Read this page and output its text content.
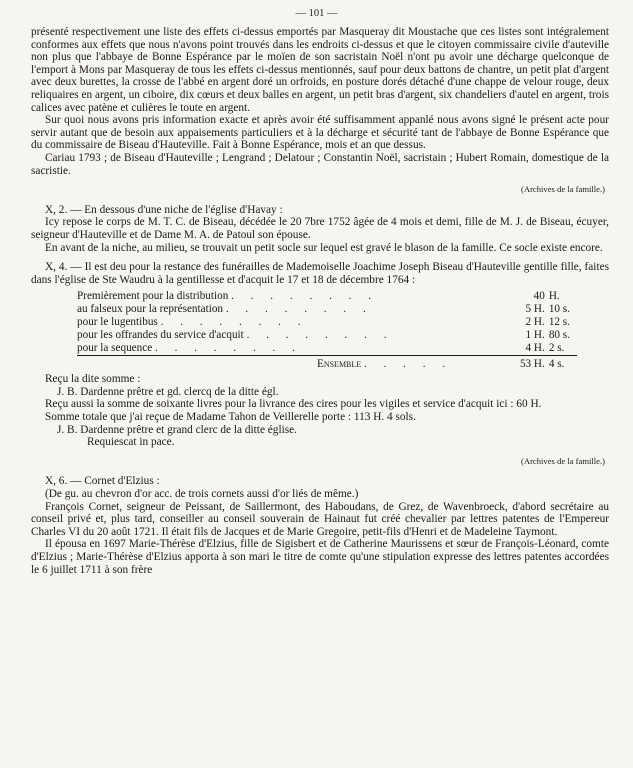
— 101 —

présenté respectivement une liste des effets ci-dessus emportés par Masqueray dit Moustache que ces listes sont intégralement conformes aux effets que nous n'avons point trouvés dans les endroits ci-dessus et que le citoyen commissaire civile d'auteville non plus que l'abbaye de Bonne Espérance par le moïen de son sacristain Noël n'ont pu avoir une décharge quelconque de l'emport à Mons par Masqueray de tous les effets ci-dessus mentionnés, sauf pour deux battons de chantre, un petit plat d'argent avec deux burettes, la crosse de l'abbé en argent doré un orfroids, en posture dorés détaché d'une chappe de velour rouge, deux reliquaires en argent, un ciboire, dix cœurs et deux balles en argent, un petit bras d'argent, six chandeliers d'autel en argent, trois calices avec patène et culières le toute en argent.

Sur quoi nous avons pris information exacte et après avoir été suffisamment appanlé nous avons signé le présent acte pour servir autant que de besoin aux appaisements particuliers et à la décharge et sécurité tant de l'abbaye de Bonne Espérance que du commissaire de Biseau d'Hauteville. Fait à Bonne Espérance, mois et an que dessus.

Cariau 1793 ; de Biseau d'Hauteville ; Lengrand ; Delatour ; Constantin Noël, sacristain ; Hubert Romain, domestique de la sacristie.

(Archives de la famille.)

X, 2. — En dessous d'une niche de l'église d'Havay :

Icy repose le corps de M. T. C. de Biseau, décédée le 20 7bre 1752 âgée de 4 mois et demi, fille de M. J. de Biseau, écuyer, seigneur d'Hauteville et de Dame M. A. de Patoul son épouse.

En avant de la niche, au milieu, se trouvait un petit socle sur lequel est gravé le blason de la famille. Ce socle existe encore.

X, 4. — Il est deu pour la restance des funérailles de Mademoiselle Joachime Joseph Biseau d'Hauteville gentille fille, faites dans l'église de Ste Waudru à la gentillesse et d'acquit le 17 et 18 de décembre 1764 :

Premièrement pour la distribution . . . . . . . .	40	H.
au falseux pour la représentation . . . . . . . .	5 H.	10 s.
pour le lugentibus . . . . . . . .	2 H.	12 s.
pour les offrandes du service d'acquit . . . . . . . .	1 H.	80 s.
pour la sequence . . . . . . . .	4 H.	2 s.
Ensemble . . . . .	53 H.	4 s.

Reçu la dite somme :

J. B. Dardenne prêtre et gd. clercq de la ditte égl.

Reçu aussi la somme de soixante livres pour la livrance des cires pour les vigiles et service d'acquit ici : 60 H.

Somme totale que j'ai reçue de Madame Tahon de Veillerelle porte : 113 H. 4 sols.

J. B. Dardenne prêtre et grand clerc de la ditte église.

Requiescat in pace.

(Archives de la famille.)

X, 6. — Cornet d'Elzius :

(De gu. au chevron d'or acc. de trois cornets aussi d'or liés de même.)

François Cornet, seigneur de Peissant, de Saillermont, des Haboudans, de Grez, de Wavenbroeck, d'abord secrétaire au conseil privé et, plus tard, conseiller au conseil souverain de Hainaut fut créé chevalier par lettres patentes de l'Empereur Charles VI du 20 août 1721. Il était fils de Jacques et de Marie Gregoire, petit-fils d'Henri et de Madeleine Taymont.

Il épousa en 1697 Marie-Thérèse d'Elzius, fille de Sigisbert et de Catherine Maurissens et sœur de François-Léonard, comte d'Elzius ; Marie-Thérèse d'Elzius apporta à son mari le titre de comte qu'une stipulation expresse des lettres patentes accordées le 6 juillet 1711 à son frère
